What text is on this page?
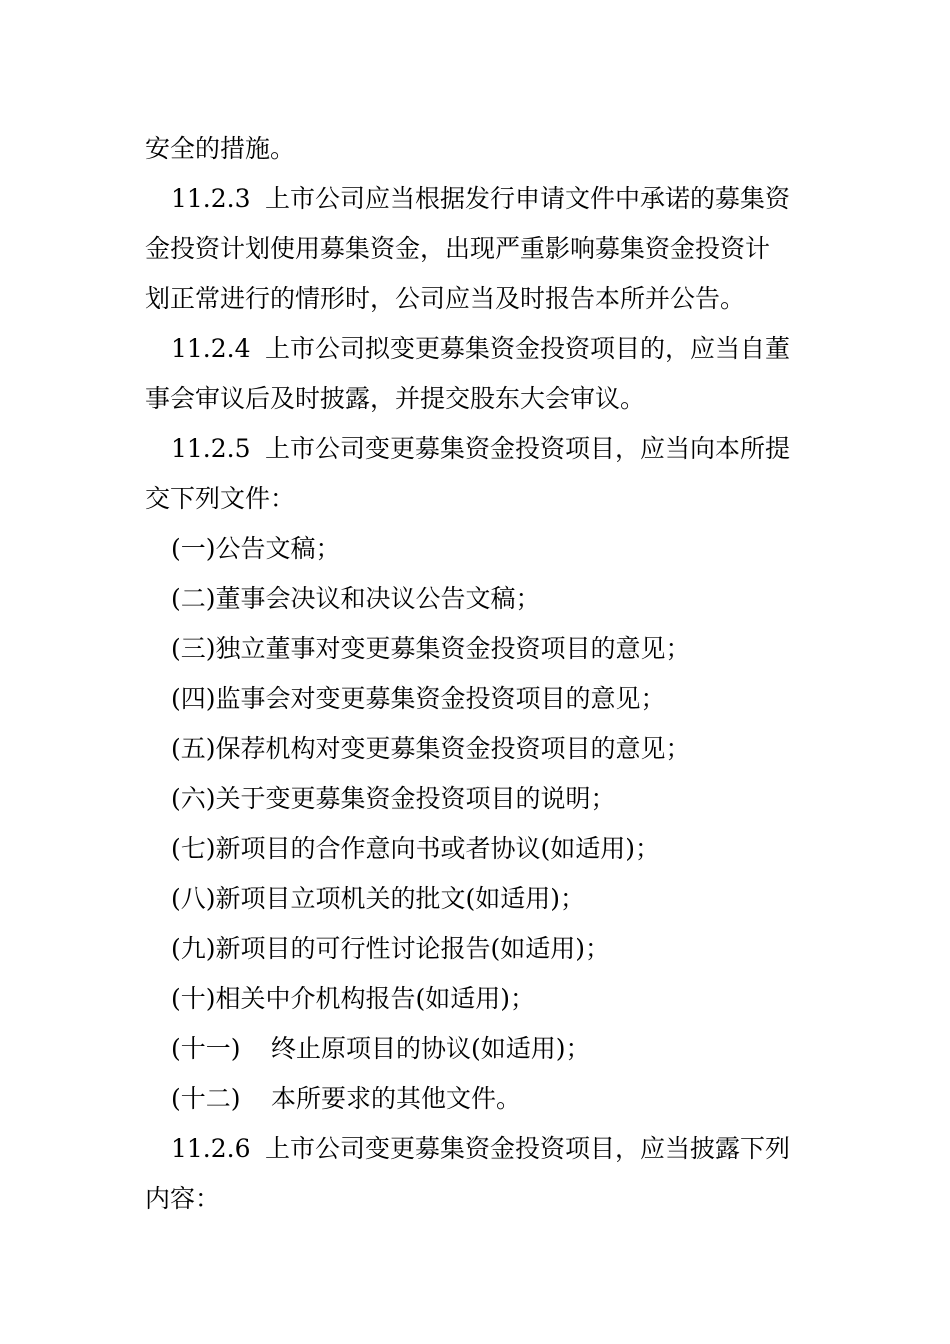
安全的措施。
11.2.3 上市公司应当根据发行申请文件中承诺的募集资
金投资计划使用募集资金，出现严重影响募集资金投资计
划正常进行的情形时，公司应当及时报告本所并公告。
11.2.4 上市公司拟变更募集资金投资项目的，应当自董
事会审议后及时披露，并提交股东大会审议。
11.2.5 上市公司变更募集资金投资项目，应当向本所提
交下列文件：
(一)公告文稿；
(二)董事会决议和决议公告文稿；
(三)独立董事对变更募集资金投资项目的意见；
(四)监事会对变更募集资金投资项目的意见；
(五)保荐机构对变更募集资金投资项目的意见；
(六)关于变更募集资金投资项目的说明；
(七)新项目的合作意向书或者协议(如适用)；
(八)新项目立项机关的批文(如适用)；
(九)新项目的可行性讨论报告(如适用)；
(十)相关中介机构报告(如适用)；
(十一) 终止原项目的协议(如适用)；
(十二) 本所要求的其他文件。
11.2.6 上市公司变更募集资金投资项目，应当披露下列
内容：
